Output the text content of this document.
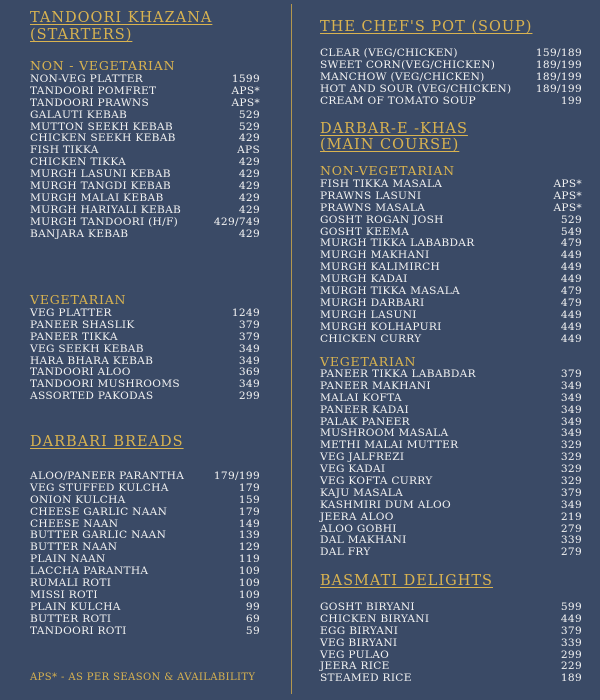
TANDOORI KHAZANA
(STARTERS)
NON - VEGETARIAN
NON-VEG PLATTER	1599
TANDOORI POMFRET	APS*
TANDOORI PRAWNS	APS*
GALAUTI KEBAB	529
MUTTON SEEKH KEBAB	529
CHICKEN SEEKH KEBAB	429
FISH TIKKA	APS
CHICKEN TIKKA	429
MURGH LASUNI KEBAB	429
MURGH TANGDI KEBAB	429
MURGH MALAI KEBAB	429
MURGH HARIYALI KEBAB	429
MURGH TANDOORI (H/F)	429/749
BANJARA KEBAB	429
VEGETARIAN
VEG PLATTER	1249
PANEER SHASLIK	379
PANEER TIKKA	379
VEG SEEKH KEBAB	349
HARA BHARA KEBAB	349
TANDOORI ALOO	369
TANDOORI MUSHROOMS	349
ASSORTED PAKODAS	299
DARBARI BREADS
ALOO/PANEER PARANTHA	179/199
VEG STUFFED KULCHA	179
ONION KULCHA	159
CHEESE GARLIC NAAN	179
CHEESE NAAN	149
BUTTER GARLIC NAAN	139
BUTTER NAAN	129
PLAIN NAAN	119
LACCHA PARANTHA	109
RUMALI ROTI	109
MISSI ROTI	109
PLAIN KULCHA	99
BUTTER ROTI	69
TANDOORI ROTI	59
APS* - AS PER SEASON & AVAILABILITY
THE CHEF'S POT (SOUP)
CLEAR (VEG/CHICKEN)	159/189
SWEET CORN(VEG/CHICKEN)	189/199
MANCHOW (VEG/CHICKEN)	189/199
HOT AND SOUR (VEG/CHICKEN) 189/199
CREAM OF TOMATO SOUP	199
DARBAR-E -KHAS
(MAIN COURSE)
NON-VEGETARIAN
FISH TIKKA MASALA	APS*
PRAWNS LASUNI	APS*
PRAWNS MASALA	APS*
GOSHT ROGAN JOSH	529
GOSHT KEEMA	549
MURGH TIKKA LABABDAR	479
MURGH MAKHANI	449
MURGH KALIMIRCH	449
MURGH KADAI	449
MURGH TIKKA MASALA	479
MURGH DARBARI	479
MURGH LASUNI	449
MURGH KOLHAPURI	449
CHICKEN CURRY	449
VEGETARIAN
PANEER TIKKA LABABDAR	379
PANEER MAKHANI	349
MALAI KOFTA	349
PANEER KADAI	349
PALAK PANEER	349
MUSHROOM MASALA	349
METHI MALAI MUTTER	329
VEG JALFREZI	329
VEG KADAI	329
VEG KOFTA CURRY	329
KAJU MASALA	379
KASHMIRI DUM ALOO	349
JEERA ALOO	219
ALOO GOBHI	279
DAL MAKHANI	339
DAL FRY	279
BASMATI DELIGHTS
GOSHT BIRYANI	599
CHICKEN BIRYANI	449
EGG BIRYANI	379
VEG BIRYANI	339
VEG PULAO	299
JEERA RICE	229
STEAMED RICE	189
